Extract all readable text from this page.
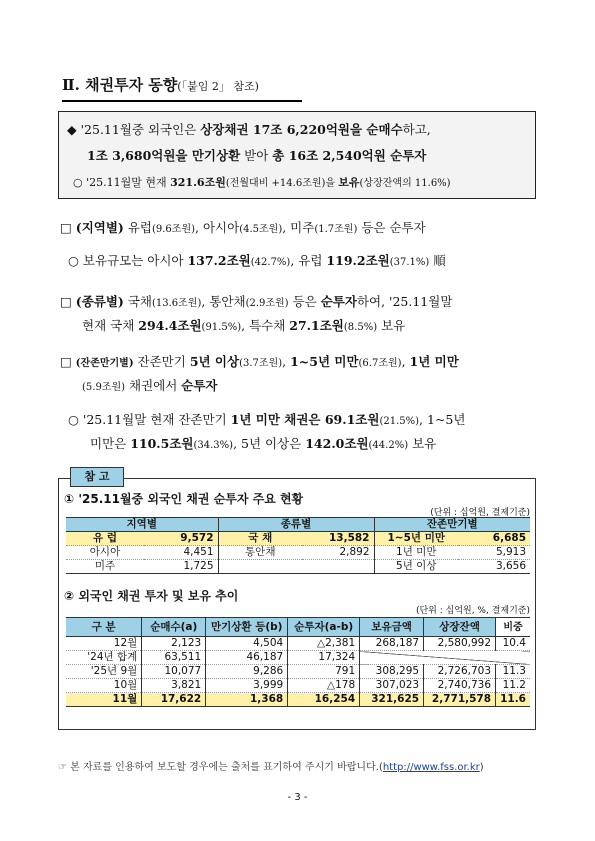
Ⅱ. 채권투자 동향(「붙임 2」 참조)
◆ '25.11월중 외국인은 상장채권 17조 6,220억원을 순매수하고,
1조 3,680억원을 만기상환 받아 총 16조 2,540억원 순투자
○ '25.11월말 현재 321.6조원(전월대비 +14.6조원)을 보유(상장잔액의 11.6%)
□ (지역별) 유럽(9.6조원), 아시아(4.5조원), 미주(1.7조원) 등은 순투자
○ 보유규모는 아시아 137.2조원(42.7%), 유럽 119.2조원(37.1%) 順
□ (종류별) 국채(13.6조원), 통안채(2.9조원) 등은 순투자하여, '25.11월말
현재 국채 294.4조원(91.5%), 특수채 27.1조원(8.5%) 보유
□ (잔존만기별) 잔존만기 5년 이상(3.7조원), 1~5년 미만(6.7조원), 1년 미만
(5.9조원) 채권에서 순투자
○ '25.11월말 현재 잔존만기 1년 미만 채권은 69.1조원(21.5%), 1~5년
미만은 110.5조원(34.3%), 5년 이상은 142.0조원(44.2%) 보유
참 고
① '25.11월중 외국인 채권 순투자 주요 현황
(단위 : 십억원, 결제기준)
지역별		종류별		잔존만기별	
유 럽	9,572	국 채	13,582	1~5년 미만	6,685
아시아	4,451	통안채	2,892	1년 미만	5,913
미주	1,725			5년 이상	3,656
② 외국인 채권 투자 및 보유 추이
(단위 : 십억원, %, 결제기준)
구 분	순매수(a)	만기상환 등(b)	순투자(a-b)	보유금액	상장잔액	비중
12월	2,123	4,504	△2,381	268,187	2,580,992	10.4
'24년 합계	63,511	46,187	17,324			
'25년 9월	10,077	9,286	791	308,295	2,726,703	11.3
10월	3,821	3,999	△178	307,023	2,740,736	11.2
11월	17,622	1,368	16,254	321,625	2,771,578	11.6
☞ 본 자료를 인용하여 보도할 경우에는 출처를 표기하여 주시기 바랍니다.(http://www.fss.or.kr)
- 3 -
